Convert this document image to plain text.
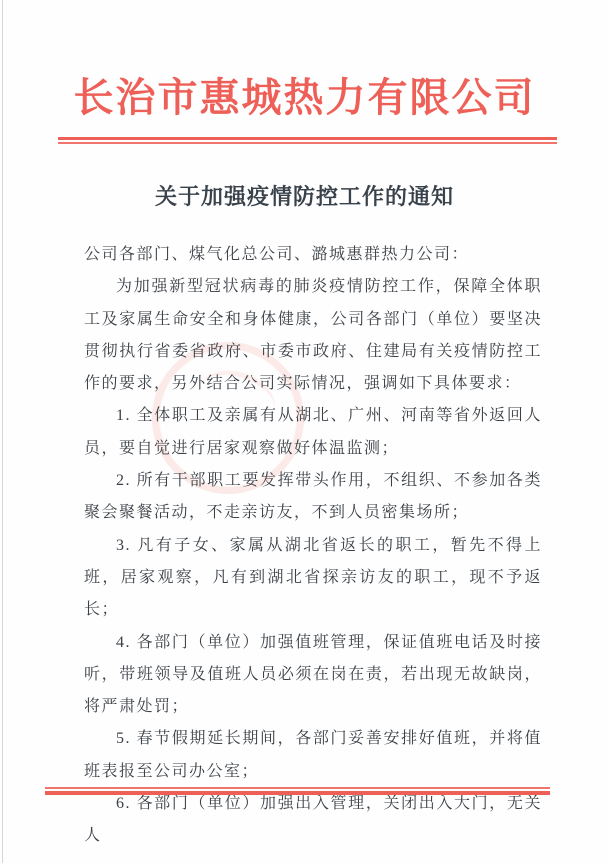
长治市惠城热力有限公司
关于加强疫情防控工作的通知

公司各部门、煤气化总公司、潞城惠群热力公司：

为加强新型冠状病毒的肺炎疫情防控工作，保障全体职工及家属生命安全和身体健康，公司各部门（单位）要坚决贯彻执行省委省政府、市委市政府、住建局有关疫情防控工作的要求，另外结合公司实际情况，强调如下具体要求：

1. 全体职工及亲属有从湖北、广州、河南等省外返回人员，要自觉进行居家观察做好体温监测；

2. 所有干部职工要发挥带头作用，不组织、不参加各类聚会聚餐活动，不走亲访友，不到人员密集场所；

3. 凡有子女、家属从湖北省返长的职工，暂先不得上班，居家观察，凡有到湖北省探亲访友的职工，现不予返长；

4. 各部门（单位）加强值班管理，保证值班电话及时接听，带班领导及值班人员必须在岗在责，若出现无故缺岗，将严肃处罚；

5. 春节假期延长期间，各部门妥善安排好值班，并将值班表报至公司办公室；

6. 各部门（单位）加强出入管理，关闭出入大门，无关人
